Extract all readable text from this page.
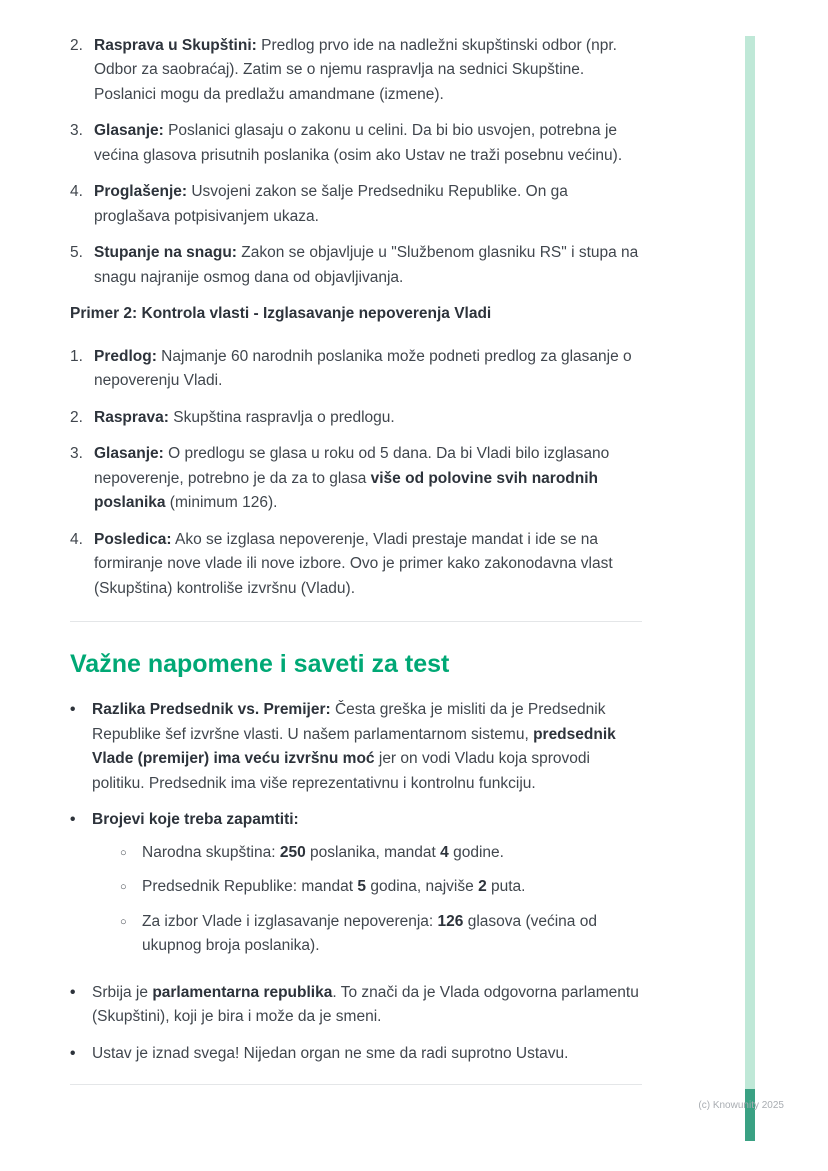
2. Rasprava u Skupštini: Predlog prvo ide na nadležni skupštinski odbor (npr. Odbor za saobraćaj). Zatim se o njemu raspravlja na sednici Skupštine. Poslanici mogu da predlažu amandmane (izmene).
3. Glasanje: Poslanici glasaju o zakonu u celini. Da bi bio usvojen, potrebna je većina glasova prisutnih poslanika (osim ako Ustav ne traži posebnu većinu).
4. Proglašenje: Usvojeni zakon se šalje Predsedniku Republike. On ga proglašava potpisivanjem ukaza.
5. Stupanje na snagu: Zakon se objavljuje u "Službenom glasniku RS" i stupa na snagu najranije osmog dana od objavljivanja.
Primer 2: Kontrola vlasti - Izglasavanje nepoverenja Vladi
1. Predlog: Najmanje 60 narodnih poslanika može podneti predlog za glasanje o nepoverenju Vladi.
2. Rasprava: Skupština raspravlja o predlogu.
3. Glasanje: O predlogu se glasa u roku od 5 dana. Da bi Vladi bilo izglasano nepoverenje, potrebno je da za to glasa više od polovine svih narodnih poslanika (minimum 126).
4. Posledica: Ako se izglasa nepoverenje, Vladi prestaje mandat i ide se na formiranje nove vlade ili nove izbore. Ovo je primer kako zakonodavna vlast (Skupština) kontroliše izvršnu (Vladu).
Važne napomene i saveti za test
•
Razlika Predsednik vs. Premijer: Česta greška je misliti da je Predsednik Republike šef izvršne vlasti. U našem parlamentarnom sistemu, predsednik Vlade (premijer) ima veću izvršnu moć jer on vodi Vladu koja sprovodi politiku. Predsednik ima više reprezentativnu i kontrolnu funkciju.
•
Brojevi koje treba zapamtiti:
○
Narodna skupština: 250 poslanika, mandat 4 godine.
○
Predsednik Republike: mandat 5 godina, najviše 2 puta.
○
Za izbor Vlade i izglasavanje nepoverenja: 126 glasova (većina od ukupnog broja poslanika).
•
Srbija je parlamentarna republika. To znači da je Vlada odgovorna parlamentu (Skupštini), koji je bira i može da je smeni.
•
Ustav je iznad svega! Nijedan organ ne sme da radi suprotno Ustavu.
(c) Knowunity 2025
